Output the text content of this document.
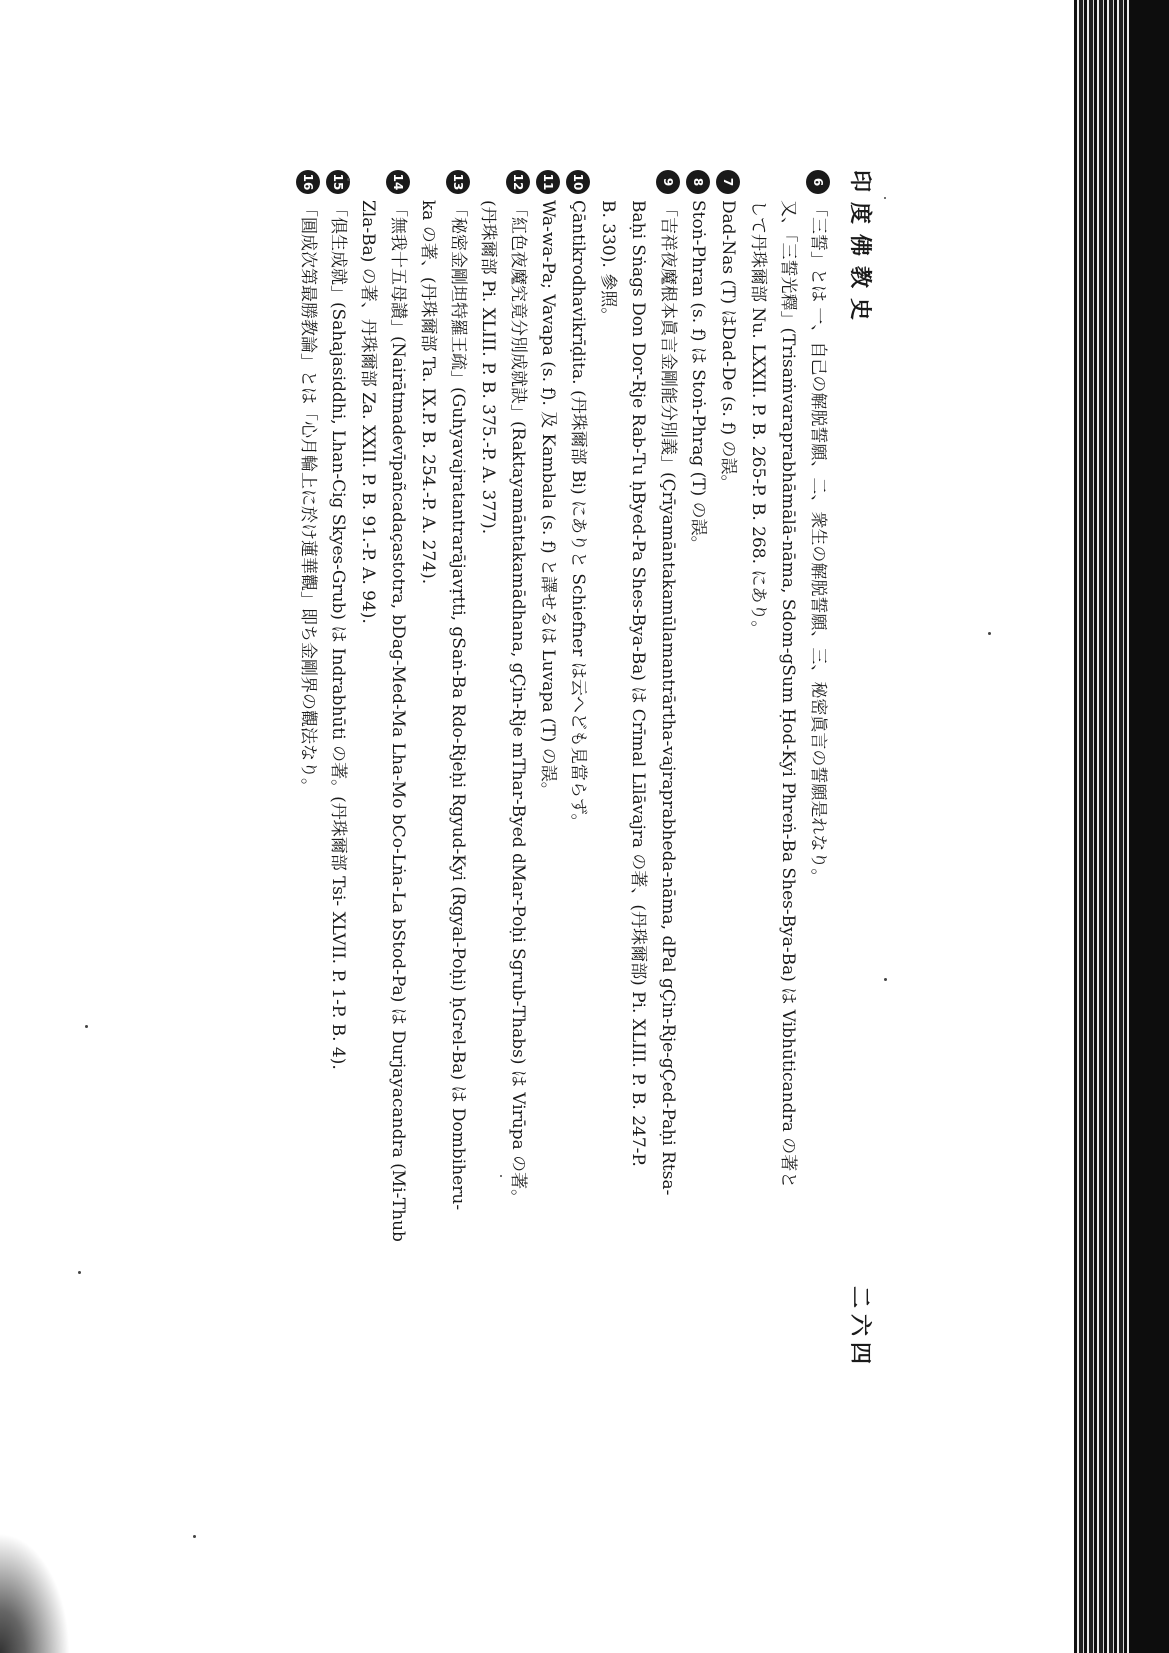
印度佛教史
二六四
6
「三誓」とは 一、自己の解脱誓願、二、衆生の解脱誓願、三、秘密眞言の誓願是れなり。
又、「三誓光釋」(Trisaṁvaraprabhāmālā-nāma, Sdom-gSum Ḥod-Kyi Phreṅ-Ba Shes-Bya-Ba) は Vibhūticandra の著と
して丹珠爾部 Nu. LXXII. P. B. 265-P. B. 268. にあり。
7
Dad-Nas (T) はDad-De (s. f) の誤。
8
Stoṅ-Phran (s. f) は Stoṅ-Phrag (T) の誤。
9
「吉祥夜魔根本眞言金剛能分別義」(Çrīyamāntakamūlamantrārtha-vajraprabheda-nāma, dPal gÇin-Rje-gÇed-Paḥi Rtsa-
Baḥi Sṅags Don Dor-Rje Rab-Tu ḥByed-Pa Shes-Bya-Ba) は Crīmal Līlāvajra の著、(丹珠爾部) Pi. XLIII. P. B. 247-P.
B. 330). 參照。
10
Çāntikrodhavikrīḍita. (丹珠爾部 Bi) にありと Schiefner は云へども見當らず。
11
Wa-wa-Pa; Vavapa (s. f). 及 Kambala (s. f) と譯せるは Luvapa (T) の誤。
12
「紅色夜魔究竟分別成就訣」(Raktayamāntakamādhana, gÇin-Rje mThar-Byed dMar-Poḥi Sgrub-Thabs) は Virūpa の著。
(丹珠爾部 Pi. XLIII. P. B. 375.-P. A. 377).
13
「秘密金剛坦特羅王疏」(Guhyavajratantrarājavṛtti, gSaṅ-Ba Rdo-Rjeḥi Rgyud-Kyi (Rgyal-Poḥi) ḥGrel-Ba) は Dombiheru-
ka の著、(丹珠爾部 Ta. IX.P. B. 254.-P. A. 274).
14
「無我十五母讃」(Nairātmadevīpañcadaçastotra, bDag-Med-Ma Lha-Mo bCo-Lṅa-La bStod-Pa) は Durjayacandra (Mi-Thub
Zla-Ba) の著、丹珠爾部 Za. XXII. P. B. 91.-P. A. 94).
15
「俱生成就」(Sahajasiddhi, Lhan-Cig Skyes-Grub) は Indrabhūti の著。(丹珠爾部 Tsi- XLVII. P. 1-P. B. 4).
16
「圓成次第最勝教論」とは「心月輪上に於け蓮華觀」即ち金剛界の觀法なり。
